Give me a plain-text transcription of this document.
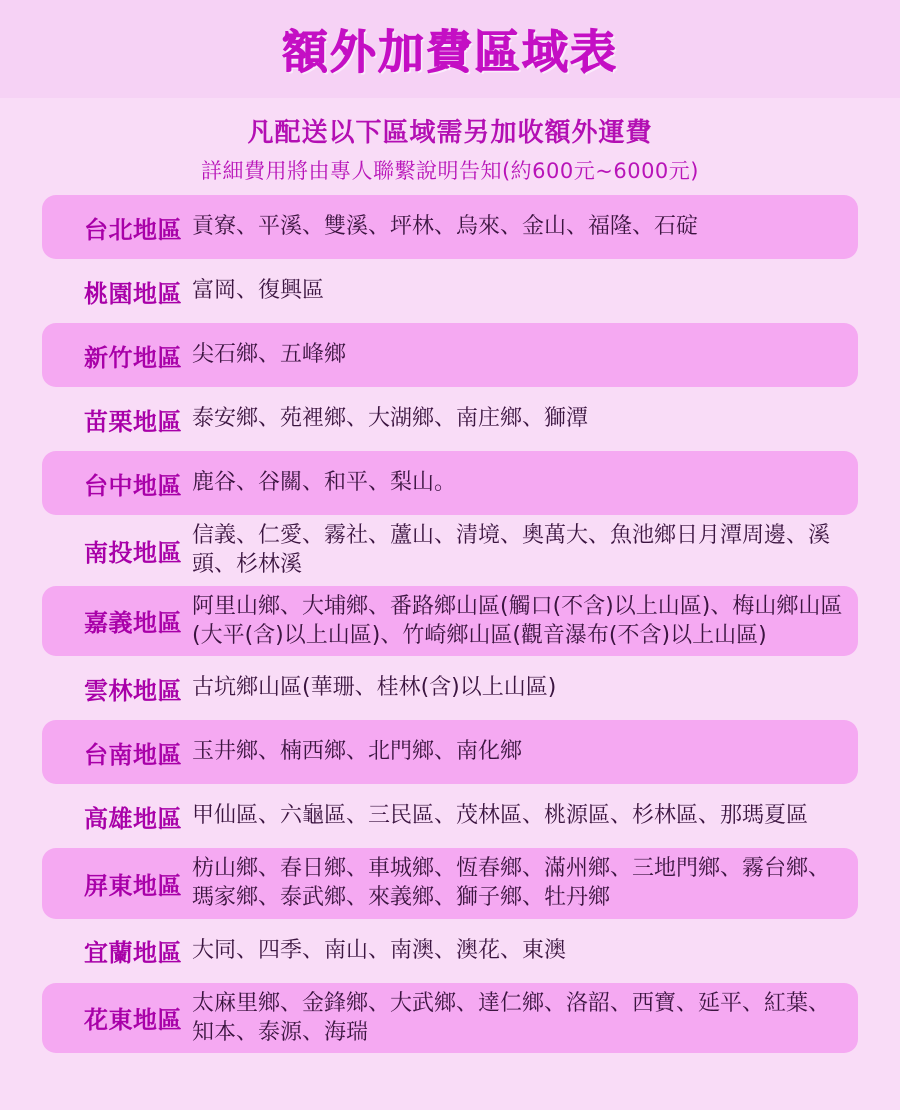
額外加費區域表
凡配送以下區域需另加收額外運費
詳細費用將由專人聯繫說明告知(約600元~6000元)
台北地區 貢寮、平溪、雙溪、坪林、烏來、金山、福隆、石碇
桃園地區 富岡、復興區
新竹地區 尖石鄉、五峰鄉
苗栗地區 泰安鄉、苑裡鄉、大湖鄉、南庄鄉、獅潭
台中地區 鹿谷、谷關、和平、梨山。
南投地區
信義、仁愛、霧社、蘆山、清境、奧萬大、魚池鄉日月潭周邊、溪頭、杉林溪
嘉義地區
阿里山鄉、大埔鄉、番路鄉山區(觸口(不含)以上山區)、梅山鄉山區(大平(含)以上山區)、竹崎鄉山區(觀音瀑布(不含)以上山區)
雲林地區 古坑鄉山區(華珊、桂林(含)以上山區)
台南地區 玉井鄉、楠西鄉、北門鄉、南化鄉
高雄地區 甲仙區、六龜區、三民區、茂林區、桃源區、杉林區、那瑪夏區
屏東地區
枋山鄉、春日鄉、車城鄉、恆春鄉、滿州鄉、三地門鄉、霧台鄉、瑪家鄉、泰武鄉、來義鄉、獅子鄉、牡丹鄉
宜蘭地區 大同、四季、南山、南澳、澳花、東澳
花東地區
太麻里鄉、金鋒鄉、大武鄉、達仁鄉、洛韶、西寶、延平、紅葉、知本、泰源、海瑞
